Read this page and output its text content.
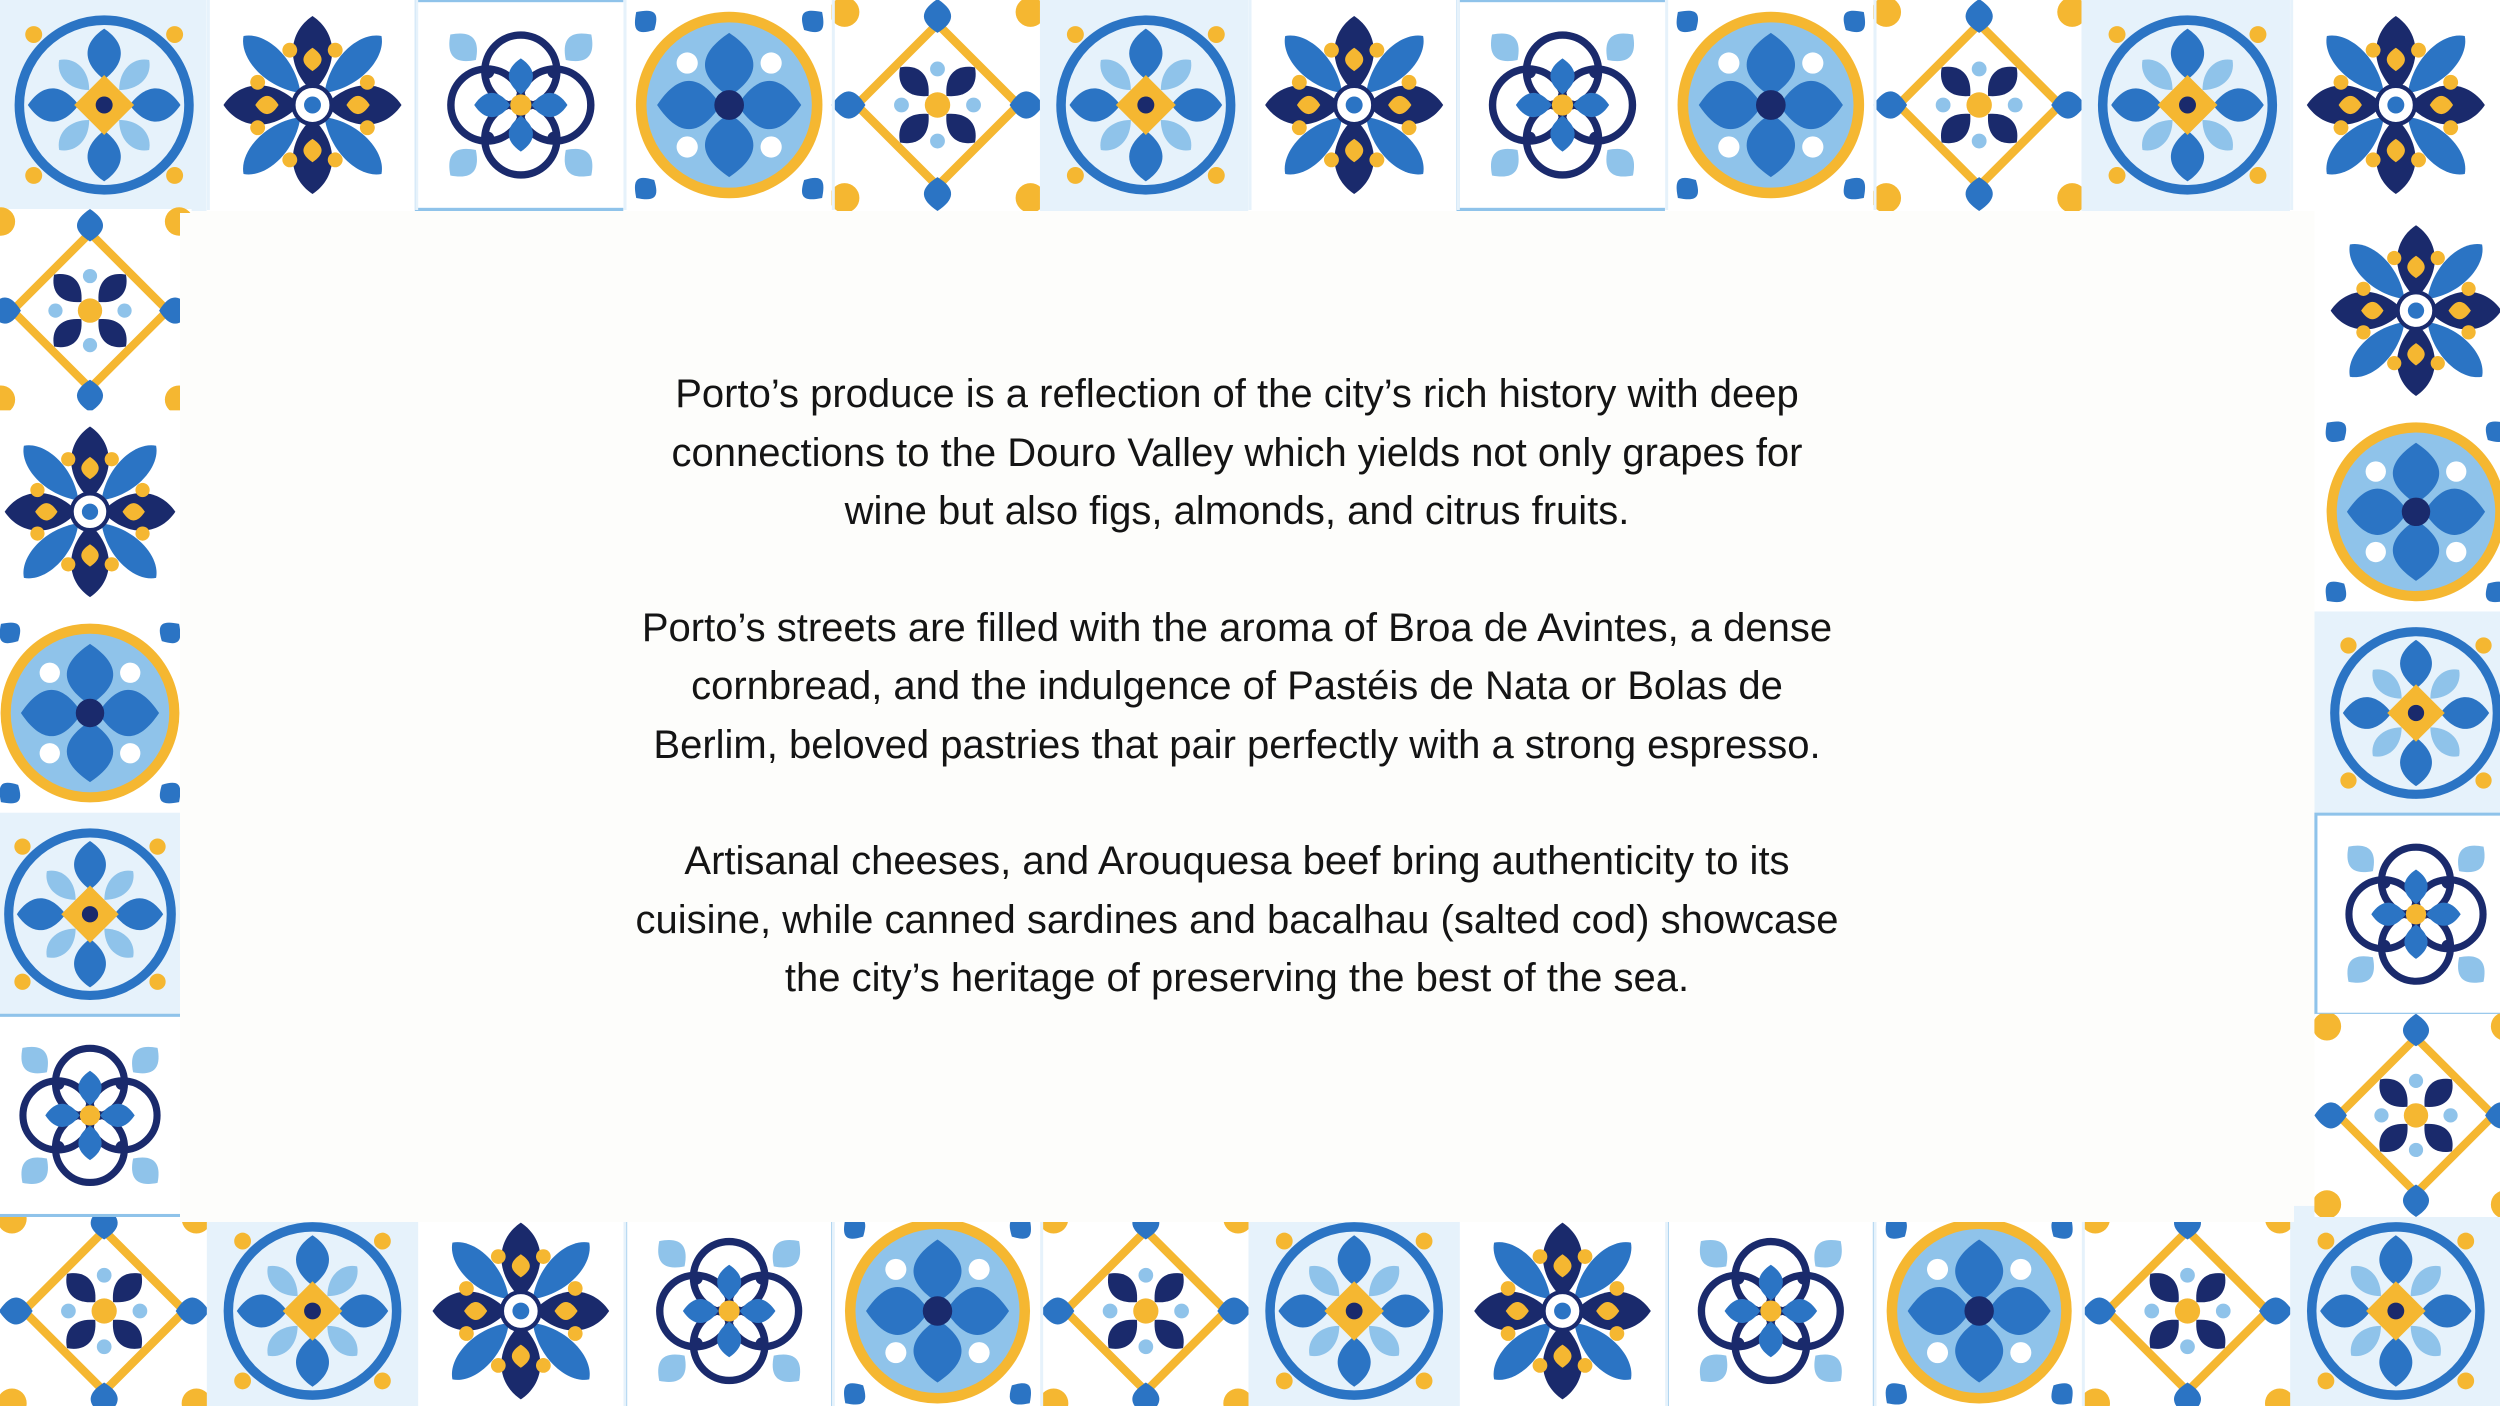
Porto’s produce is a reflection of the city’s rich history with deep
connections to the Douro Valley which yields not only grapes for
wine but also figs, almonds, and citrus fruits.

Porto’s streets are filled with the aroma of Broa de Avintes, a dense
cornbread, and the indulgence of Pastéis de Nata or Bolas de
Berlim, beloved pastries that pair perfectly with a strong espresso.

Artisanal cheeses, and Arouquesa beef bring authenticity to its
cuisine, while canned sardines and bacalhau (salted cod) showcase
the city’s heritage of preserving the best of the sea.
